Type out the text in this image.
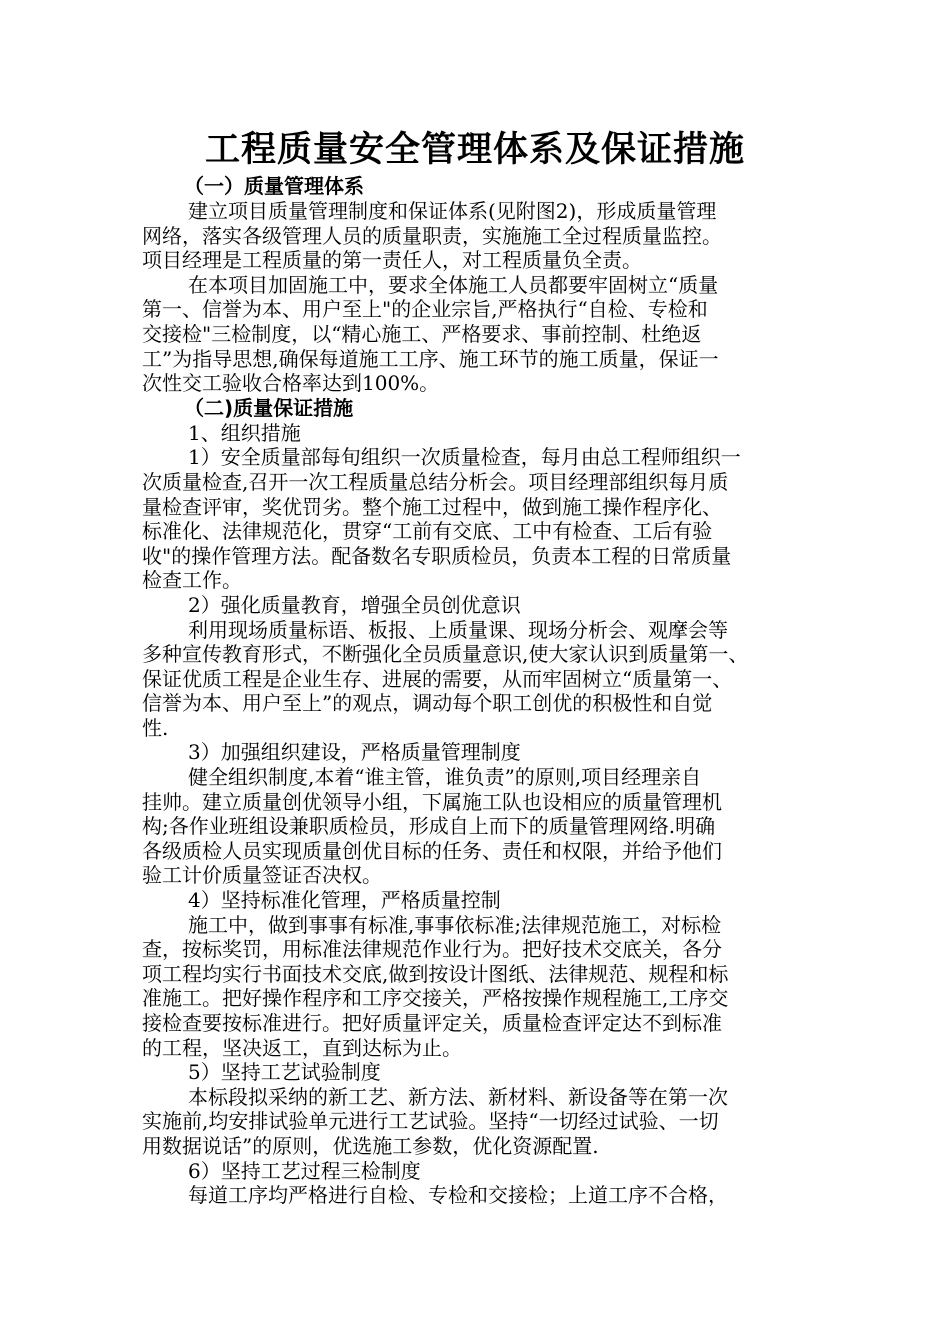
工程质量安全管理体系及保证措施
（一）质量管理体系
建立项目质量管理制度和保证体系(见附图2)，形成质量管理
网络，落实各级管理人员的质量职责，实施施工全过程质量监控。
项目经理是工程质量的第一责任人，对工程质量负全责。
在本项目加固施工中，要求全体施工人员都要牢固树立“质量
第一、信誉为本、用户至上"的企业宗旨,严格执行“自检、专检和
交接检"三检制度，以“精心施工、严格要求、事前控制、杜绝返
工”为指导思想,确保每道施工工序、施工环节的施工质量，保证一
次性交工验收合格率达到100%。
（二)质量保证措施
1、组织措施
1）安全质量部每旬组织一次质量检查，每月由总工程师组织一
次质量检查,召开一次工程质量总结分析会。项目经理部组织每月质
量检查评审，奖优罚劣。整个施工过程中，做到施工操作程序化、
标准化、法律规范化，贯穿“工前有交底、工中有检查、工后有验
收"的操作管理方法。配备数名专职质检员，负责本工程的日常质量
检查工作。
2）强化质量教育，增强全员创优意识
利用现场质量标语、板报、上质量课、现场分析会、观摩会等
多种宣传教育形式，不断强化全员质量意识,使大家认识到质量第一、
保证优质工程是企业生存、进展的需要，从而牢固树立“质量第一、
信誉为本、用户至上”的观点，调动每个职工创优的积极性和自觉
性.
3）加强组织建设，严格质量管理制度
健全组织制度,本着“谁主管，谁负责”的原则,项目经理亲自
挂帅。建立质量创优领导小组，下属施工队也设相应的质量管理机
构;各作业班组设兼职质检员，形成自上而下的质量管理网络.明确
各级质检人员实现质量创优目标的任务、责任和权限，并给予他们
验工计价质量签证否决权。
4）坚持标准化管理，严格质量控制
施工中，做到事事有标准,事事依标准;法律规范施工，对标检
查，按标奖罚，用标准法律规范作业行为。把好技术交底关，各分
项工程均实行书面技术交底,做到按设计图纸、法律规范、规程和标
准施工。把好操作程序和工序交接关，严格按操作规程施工,工序交
接检查要按标准进行。把好质量评定关，质量检查评定达不到标准
的工程，坚决返工，直到达标为止。
5）坚持工艺试验制度
本标段拟采纳的新工艺、新方法、新材料、新设备等在第一次
实施前,均安排试验单元进行工艺试验。坚持“一切经过试验、一切
用数据说话”的原则，优选施工参数，优化资源配置.
6）坚持工艺过程三检制度
每道工序均严格进行自检、专检和交接检；上道工序不合格，
